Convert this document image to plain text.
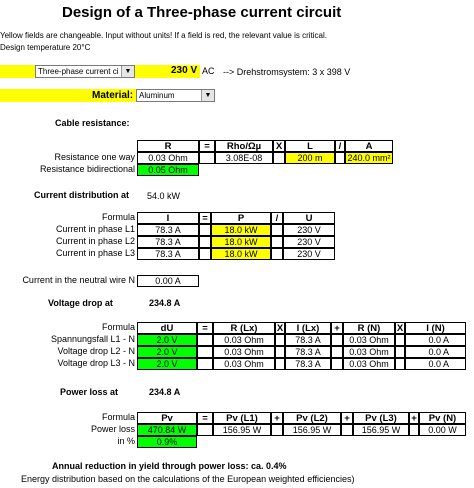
Design of a Three-phase current circuit
Yellow fields are changeable. Input without units! If a field is red, the relevant value is critical.
Design temperature 20°C
Three-phase current ci ▼	230 V AC --> Drehstromsystem: 3 x 398 V
Material: Aluminum	▼
Cable resistance:
R	=	Rho/Ωµ	X	L	/	A
Resistance one way	0.03 Ohm	3.08E-08	200 m	240.0 mm²
Resistance bidirectional	0.05 Ohm
Current distribution at 54.0 kW
Formula	I	=	P	/	U
Current in phase L1	78.3 A	18.0 kW	230 V
Current in phase L2	78.3 A	18.0 kW	230 V
Current in phase L3	78.3 A	18.0 kW	230 V
Current in the neutral wire N	0.00 A
Voltage drop at	234.8 A
Formula	dU	=	R (Lx)	X	I (Lx)	+	R (N)	X	I (N)
Spannungsfall L1 - N	2.0 V	0.03 Ohm	78.3 A	0.03 Ohm	0.0 A
Voltage drop L2 - N	2.0 V	0.03 Ohm	78.3 A	0.03 Ohm	0.0 A
Voltage drop L3 - N	2.0 V	0.03 Ohm	78.3 A	0.03 Ohm	0.0 A
Power loss at	234.8 A
Formula	Pv	=	Pv (L1)	+	Pv (L2)	+	Pv (L3)	+	Pv (N)
Power loss	470.84 W	156.95 W	156.95 W	156.95 W	0.00 W
in %	0.9%
Annual reduction in yield through power loss: ca. 0.4%
Energy distribution based on the calculations of the European weighted efficiencies)
